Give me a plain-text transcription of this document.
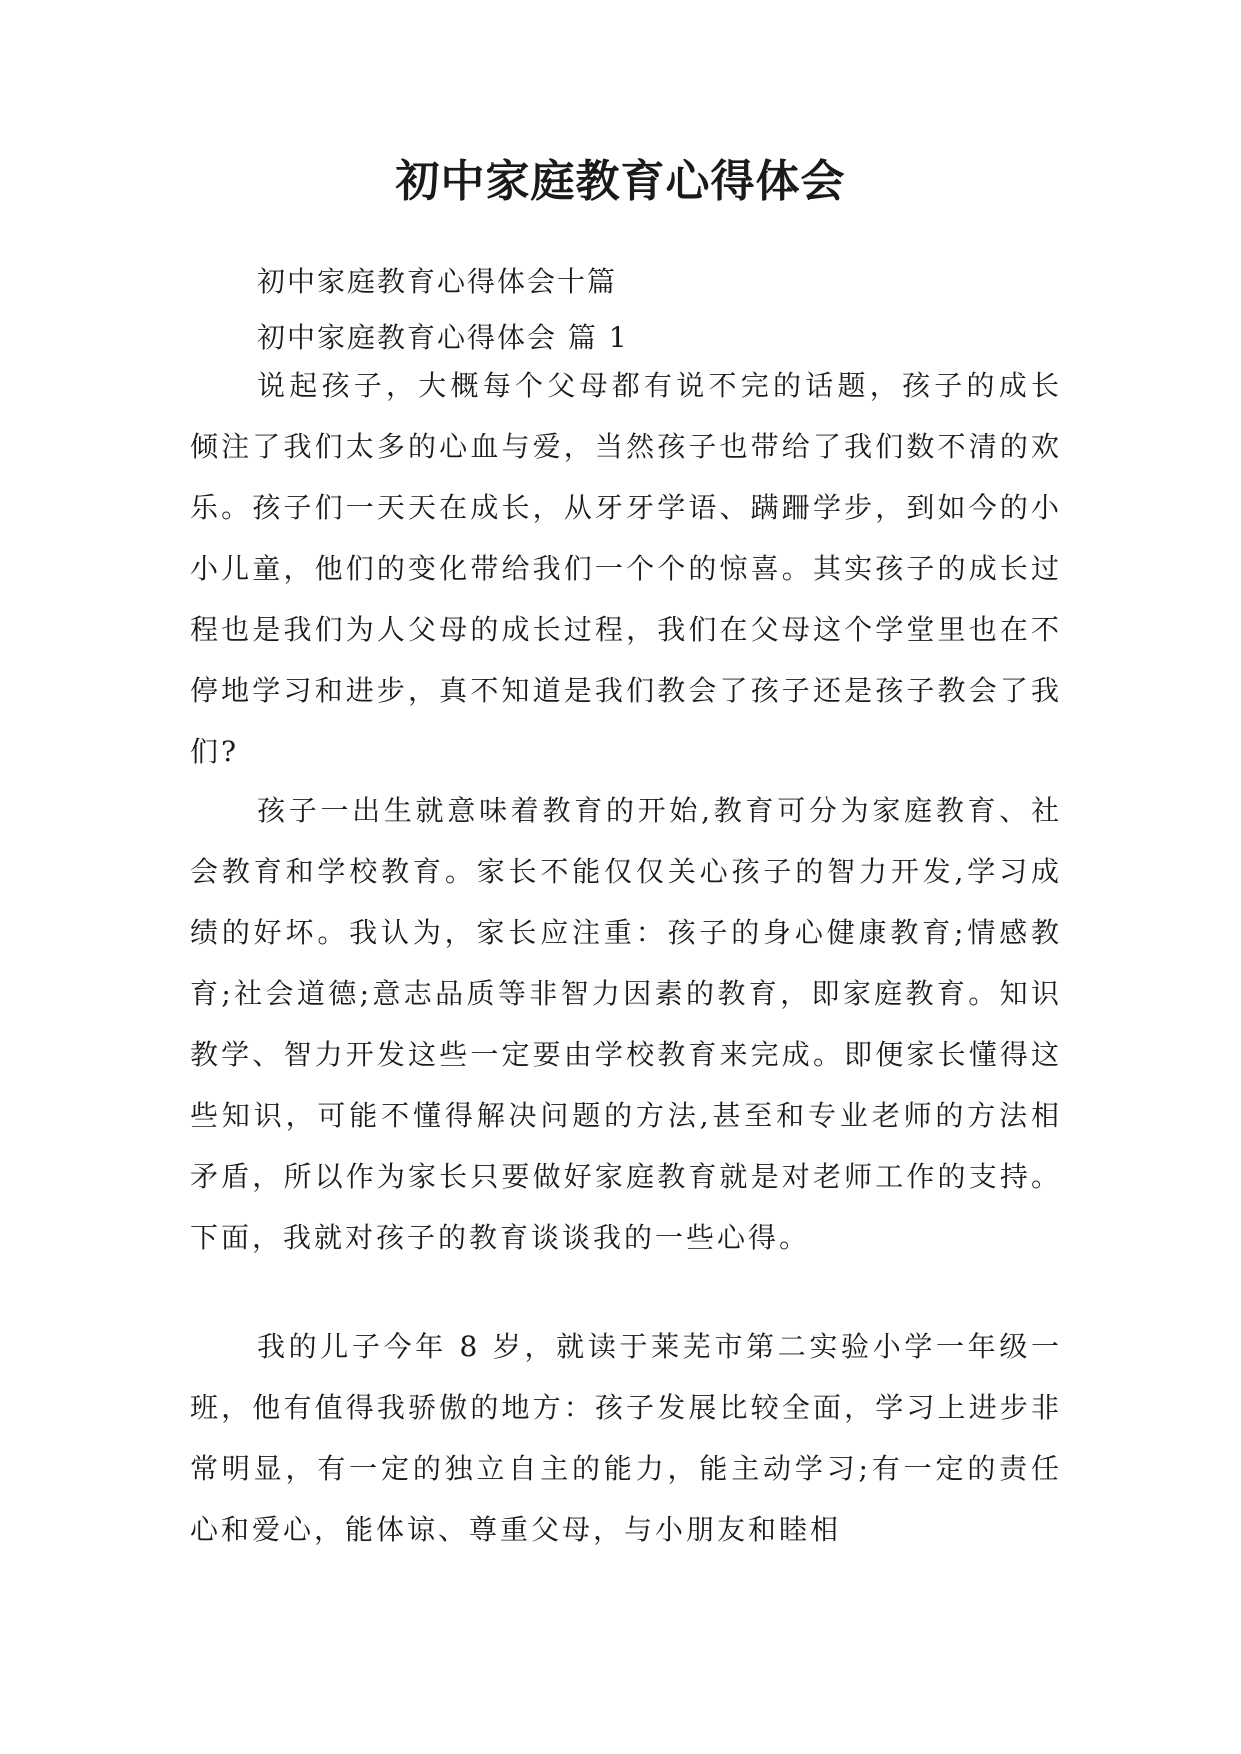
初中家庭教育心得体会

初中家庭教育心得体会十篇

初中家庭教育心得体会 篇 1

说起孩子，大概每个父母都有说不完的话题，孩子的成长倾注了我们太多的心血与爱，当然孩子也带给了我们数不清的欢乐。孩子们一天天在成长，从牙牙学语、蹒跚学步，到如今的小小儿童，他们的变化带给我们一个个的惊喜。其实孩子的成长过程也是我们为人父母的成长过程，我们在父母这个学堂里也在不停地学习和进步，真不知道是我们教会了孩子还是孩子教会了我们?

孩子一出生就意味着教育的开始,教育可分为家庭教育、社会教育和学校教育。家长不能仅仅关心孩子的智力开发,学习成绩的好坏。我认为，家长应注重：孩子的身心健康教育;情感教育;社会道德;意志品质等非智力因素的教育，即家庭教育。知识教学、智力开发这些一定要由学校教育来完成。即便家长懂得这些知识，可能不懂得解决问题的方法,甚至和专业老师的方法相矛盾，所以作为家长只要做好家庭教育就是对老师工作的支持。下面，我就对孩子的教育谈谈我的一些心得。

我的儿子今年 8 岁，就读于莱芜市第二实验小学一年级一班，他有值得我骄傲的地方：孩子发展比较全面，学习上进步非常明显，有一定的独立自主的能力，能主动学习;有一定的责任心和爱心，能体谅、尊重父母，与小朋友和睦相
